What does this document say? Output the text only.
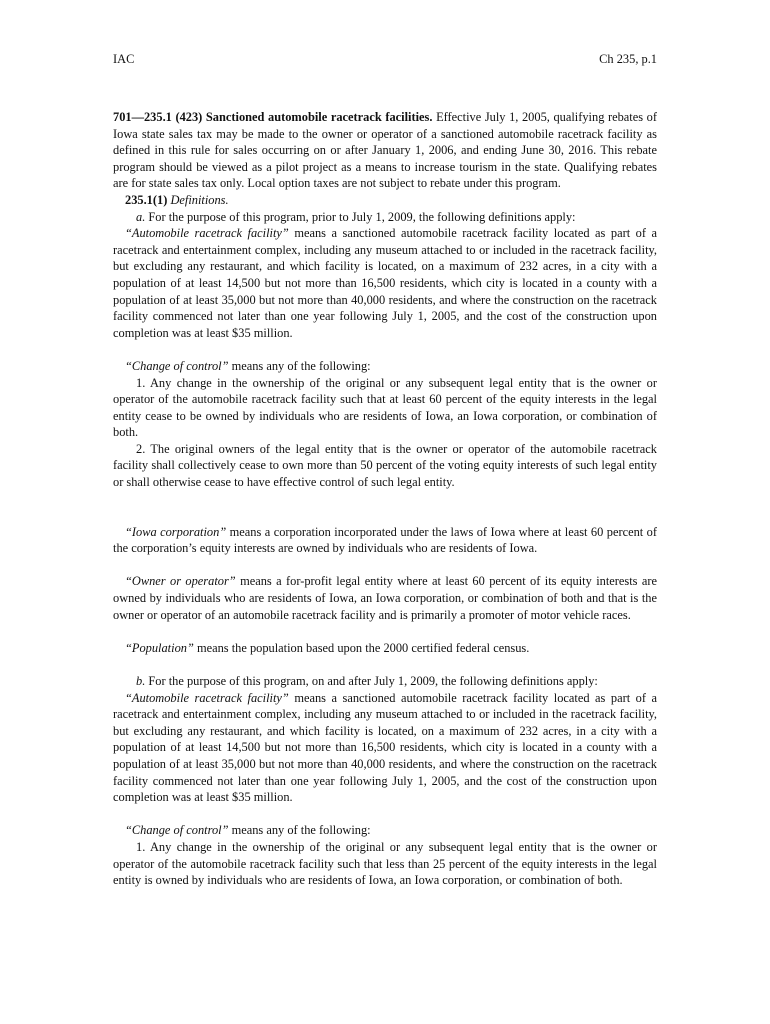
IAC	Ch 235, p.1

701—235.1 (423) Sanctioned automobile racetrack facilities. Effective July 1, 2005, qualifying rebates of Iowa state sales tax may be made to the owner or operator of a sanctioned automobile racetrack facility as defined in this rule for sales occurring on or after January 1, 2006, and ending June 30, 2016. This rebate program should be viewed as a pilot project as a means to increase tourism in the state. Qualifying rebates are for state sales tax only. Local option taxes are not subject to rebate under this program.

235.1(1) Definitions.

a. For the purpose of this program, prior to July 1, 2009, the following definitions apply:

“Automobile racetrack facility” means a sanctioned automobile racetrack facility located as part of a racetrack and entertainment complex, including any museum attached to or included in the racetrack facility, but excluding any restaurant, and which facility is located, on a maximum of 232 acres, in a city with a population of at least 14,500 but not more than 16,500 residents, which city is located in a county with a population of at least 35,000 but not more than 40,000 residents, and where the construction on the racetrack facility commenced not later than one year following July 1, 2005, and the cost of the construction upon completion was at least $35 million.

“Change of control” means any of the following:

1. Any change in the ownership of the original or any subsequent legal entity that is the owner or operator of the automobile racetrack facility such that at least 60 percent of the equity interests in the legal entity cease to be owned by individuals who are residents of Iowa, an Iowa corporation, or combination of both.

2. The original owners of the legal entity that is the owner or operator of the automobile racetrack facility shall collectively cease to own more than 50 percent of the voting equity interests of such legal entity or shall otherwise cease to have effective control of such legal entity.

“Iowa corporation” means a corporation incorporated under the laws of Iowa where at least 60 percent of the corporation’s equity interests are owned by individuals who are residents of Iowa.

“Owner or operator” means a for-profit legal entity where at least 60 percent of its equity interests are owned by individuals who are residents of Iowa, an Iowa corporation, or combination of both and that is the owner or operator of an automobile racetrack facility and is primarily a promoter of motor vehicle races.

“Population” means the population based upon the 2000 certified federal census.

b. For the purpose of this program, on and after July 1, 2009, the following definitions apply:

“Automobile racetrack facility” means a sanctioned automobile racetrack facility located as part of a racetrack and entertainment complex, including any museum attached to or included in the racetrack facility, but excluding any restaurant, and which facility is located, on a maximum of 232 acres, in a city with a population of at least 14,500 but not more than 16,500 residents, which city is located in a county with a population of at least 35,000 but not more than 40,000 residents, and where the construction on the racetrack facility commenced not later than one year following July 1, 2005, and the cost of the construction upon completion was at least $35 million.

“Change of control” means any of the following:

1. Any change in the ownership of the original or any subsequent legal entity that is the owner or operator of the automobile racetrack facility such that less than 25 percent of the equity interests in the legal entity is owned by individuals who are residents of Iowa, an Iowa corporation, or combination of both.
